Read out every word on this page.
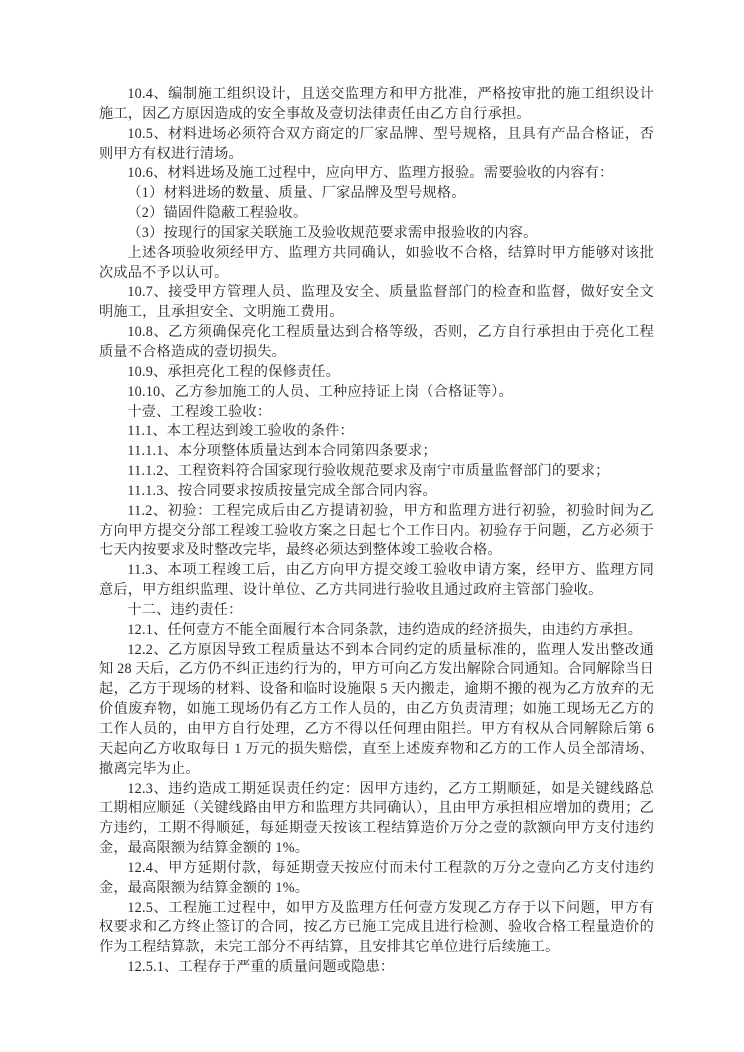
10.4、编制施工组织设计，且送交监理方和甲方批准，严格按审批的施工组织设计施工，因乙方原因造成的安全事故及壹切法律责任由乙方自行承担。

10.5、材料进场必须符合双方商定的厂家品牌、型号规格，且具有产品合格证，否则甲方有权进行清场。

10.6、材料进场及施工过程中，应向甲方、监理方报验。需要验收的内容有：

（1）材料进场的数量、质量、厂家品牌及型号规格。

（2）锚固件隐蔽工程验收。

（3）按现行的国家关联施工及验收规范要求需申报验收的内容。

上述各项验收须经甲方、监理方共同确认，如验收不合格，结算时甲方能够对该批次成品不予以认可。

10.7、接受甲方管理人员、监理及安全、质量监督部门的检查和监督，做好安全文明施工，且承担安全、文明施工费用。

10.8、乙方须确保亮化工程质量达到合格等级，否则，乙方自行承担由于亮化工程质量不合格造成的壹切损失。

10.9、承担亮化工程的保修责任。

10.10、乙方参加施工的人员、工种应持证上岗（合格证等）。

十壹、工程竣工验收：

11.1、本工程达到竣工验收的条件：

11.1.1、本分项整体质量达到本合同第四条要求；

11.1.2、工程资料符合国家现行验收规范要求及南宁市质量监督部门的要求；

11.1.3、按合同要求按质按量完成全部合同内容。

11.2、初验：工程完成后由乙方提请初验，甲方和监理方进行初验，初验时间为乙方向甲方提交分部工程竣工验收方案之日起七个工作日内。初验存于问题，乙方必须于七天内按要求及时整改完毕，最终必须达到整体竣工验收合格。

11.3、本项工程竣工后，由乙方向甲方提交竣工验收申请方案，经甲方、监理方同意后，甲方组织监理、设计单位、乙方共同进行验收且通过政府主管部门验收。

十二、违约责任：

12.1、任何壹方不能全面履行本合同条款，违约造成的经济损失，由违约方承担。

12.2、乙方原因导致工程质量达不到本合同约定的质量标准的，监理人发出整改通知 28 天后，乙方仍不纠正违约行为的，甲方可向乙方发出解除合同通知。合同解除当日起，乙方于现场的材料、设备和临时设施限 5 天内搬走，逾期不搬的视为乙方放弃的无价值废弃物，如施工现场仍有乙方工作人员的，由乙方负责清理；如施工现场无乙方的工作人员的，由甲方自行处理，乙方不得以任何理由阻拦。甲方有权从合同解除后第 6 天起向乙方收取每日 1 万元的损失赔偿，直至上述废弃物和乙方的工作人员全部清场、撤离完毕为止。

12.3、违约造成工期延误责任约定：因甲方违约，乙方工期顺延，如是关键线路总工期相应顺延（关键线路由甲方和监理方共同确认），且由甲方承担相应增加的费用；乙方违约，工期不得顺延，每延期壹天按该工程结算造价万分之壹的款额向甲方支付违约金，最高限额为结算金额的 1%。

12.4、甲方延期付款，每延期壹天按应付而未付工程款的万分之壹向乙方支付违约金，最高限额为结算金额的 1%。

12.5、工程施工过程中，如甲方及监理方任何壹方发现乙方存于以下问题，甲方有权要求和乙方终止签订的合同，按乙方已施工完成且进行检测、验收合格工程量造价的作为工程结算款，未完工部分不再结算，且安排其它单位进行后续施工。

12.5.1、工程存于严重的质量问题或隐患：
